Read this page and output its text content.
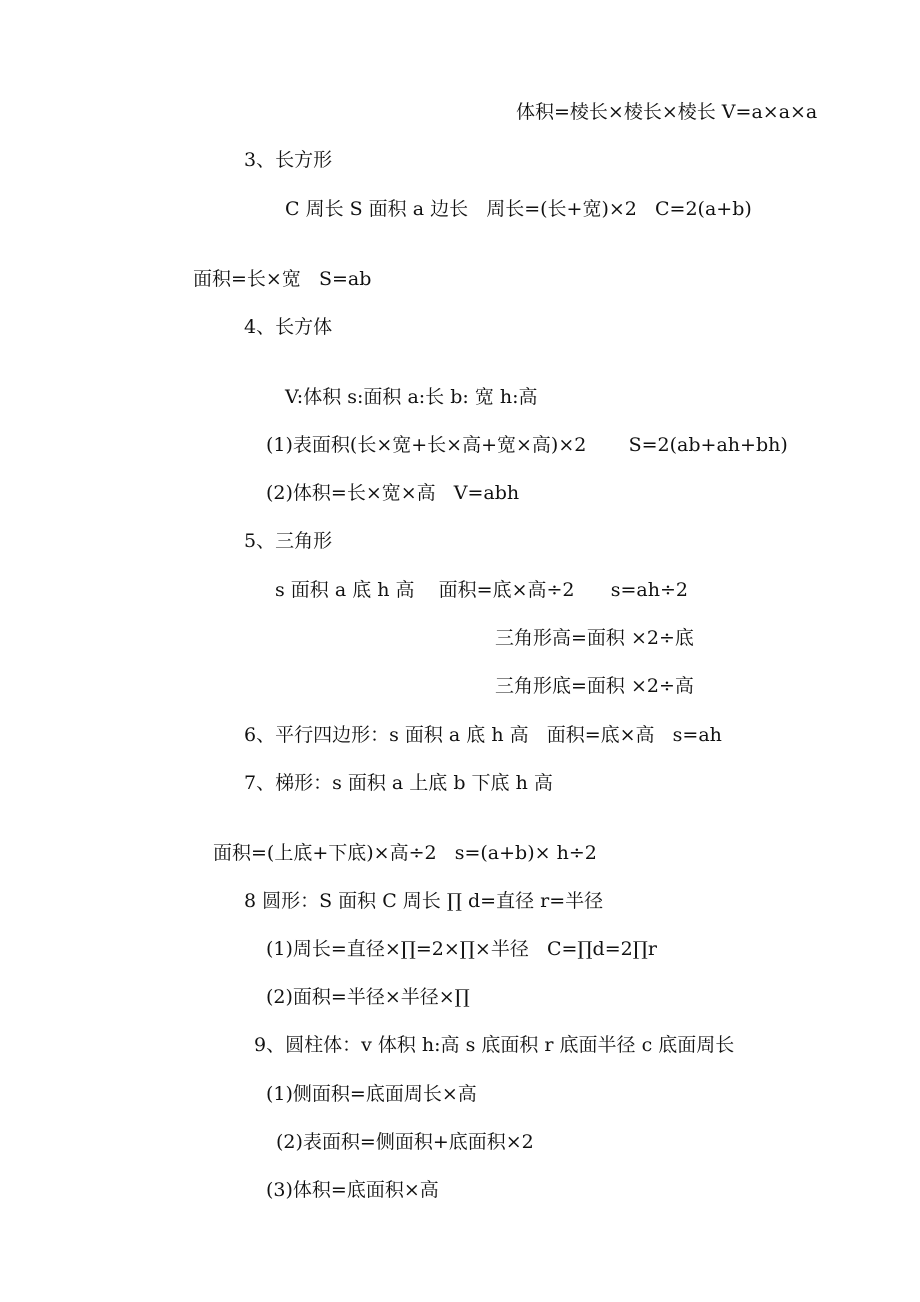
体积=棱长×棱长×棱长 V=a×a×a
3、长方形
C 周长 S 面积 a 边长   周长=(长+宽)×2   C=2(a+b)
面积=长×宽   S=ab
4、长方体
V:体积 s:面积 a:长 b: 宽 h:高
(1)表面积(长×宽+长×高+宽×高)×2       S=2(ab+ah+bh)
(2)体积=长×宽×高   V=abh
5、三角形
s 面积 a 底 h 高    面积=底×高÷2      s=ah÷2
三角形高=面积 ×2÷底
三角形底=面积 ×2÷高
6、平行四边形：s 面积 a 底 h 高   面积=底×高   s=ah
7、梯形：s 面积 a 上底 b 下底 h 高
面积=(上底+下底)×高÷2   s=(a+b)× h÷2
8 圆形：S 面积 C 周长 ∏ d=直径 r=半径
(1)周长=直径×∏=2×∏×半径   C=∏d=2∏r
(2)面积=半径×半径×∏
9、圆柱体：v 体积 h:高 s 底面积 r 底面半径 c 底面周长
(1)侧面积=底面周长×高
(2)表面积=侧面积+底面积×2
(3)体积=底面积×高
